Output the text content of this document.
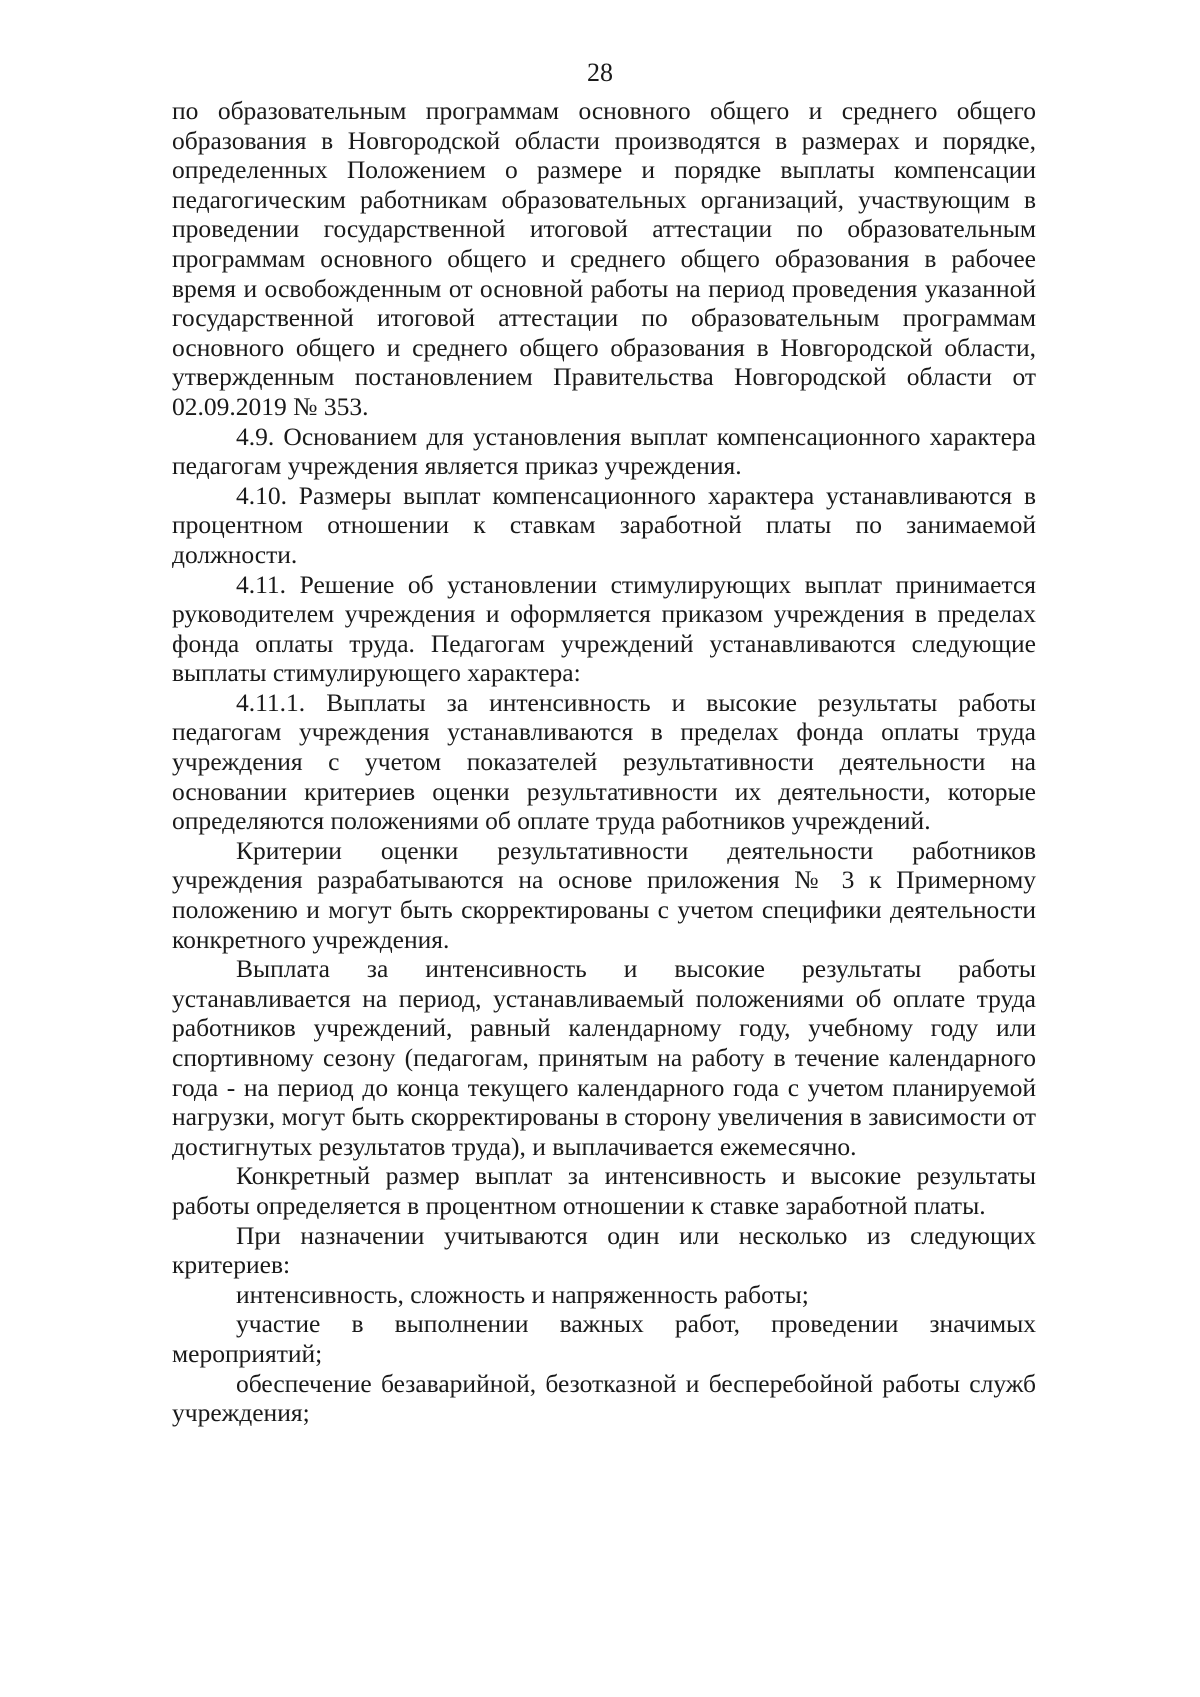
28

по образовательным программам основного общего и среднего общего образования в Новгородской области производятся в размерах и порядке, определенных Положением о размере и порядке выплаты компенсации педагогическим работникам образовательных организаций, участвующим в проведении государственной итоговой аттестации по образовательным программам основного общего и среднего общего образования в рабочее время и освобожденным от основной работы на период проведения указанной государственной итоговой аттестации по образовательным программам основного общего и среднего общего образования в Новгородской области, утвержденным постановлением Правительства Новгородской области от 02.09.2019 № 353.

4.9. Основанием для установления выплат компенсационного характера педагогам учреждения является приказ учреждения.

4.10. Размеры выплат компенсационного характера устанавливаются в процентном отношении к ставкам заработной платы по занимаемой должности.

4.11. Решение об установлении стимулирующих выплат принимается руководителем учреждения и оформляется приказом учреждения в пределах фонда оплаты труда. Педагогам учреждений устанавливаются следующие выплаты стимулирующего характера:

4.11.1. Выплаты за интенсивность и высокие результаты работы педагогам учреждения устанавливаются в пределах фонда оплаты труда учреждения с учетом показателей результативности деятельности на основании критериев оценки результативности их деятельности, которые определяются положениями об оплате труда работников учреждений.

Критерии оценки результативности деятельности работников учреждения разрабатываются на основе приложения № 3 к Примерному положению и могут быть скорректированы с учетом специфики деятельности конкретного учреждения.

Выплата за интенсивность и высокие результаты работы устанавливается на период, устанавливаемый положениями об оплате труда работников учреждений, равный календарному году, учебному году или спортивному сезону (педагогам, принятым на работу в течение календарного года - на период до конца текущего календарного года с учетом планируемой нагрузки, могут быть скорректированы в сторону увеличения в зависимости от достигнутых результатов труда), и выплачивается ежемесячно.

Конкретный размер выплат за интенсивность и высокие результаты работы определяется в процентном отношении к ставке заработной платы.

При назначении учитываются один или несколько из следующих критериев:

интенсивность, сложность и напряженность работы;

участие в выполнении важных работ, проведении значимых мероприятий;

обеспечение безаварийной, безотказной и бесперебойной работы служб учреждения;
